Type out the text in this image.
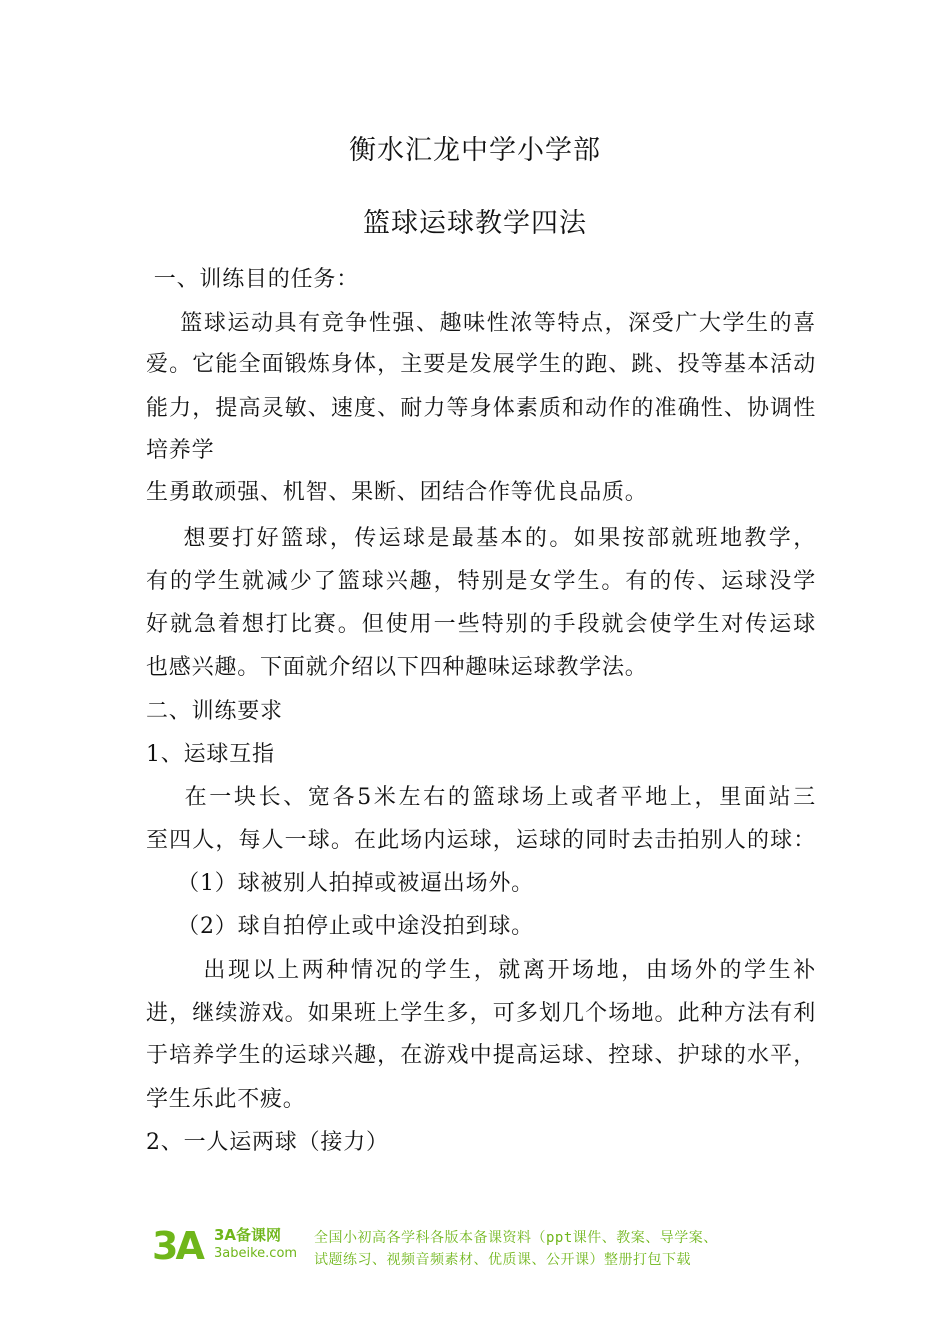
衡水汇龙中学小学部
篮球运球教学四法
一、训练目的任务：
篮球运动具有竞争性强、趣味性浓等特点，深受广大学生的喜
爱。它能全面锻炼身体，主要是发展学生的跑、跳、投等基本活动
能力，提高灵敏、速度、耐力等身体素质和动作的准确性、协调性
培养学
生勇敢顽强、机智、果断、团结合作等优良品质。
想要打好篮球，传运球是最基本的。如果按部就班地教学，
有的学生就减少了篮球兴趣，特别是女学生。有的传、运球没学
好就急着想打比赛。但使用一些特别的手段就会使学生对传运球
也感兴趣。下面就介绍以下四种趣味运球教学法。
二、训练要求
1、运球互指
在一块长、宽各5米左右的篮球场上或者平地上，里面站三
至四人，每人一球。在此场内运球，运球的同时去击拍别人的球：
（1）球被别人拍掉或被逼出场外。
（2）球自拍停止或中途没拍到球。
出现以上两种情况的学生，就离开场地，由场外的学生补
进，继续游戏。如果班上学生多，可多划几个场地。此种方法有利
于培养学生的运球兴趣，在游戏中提高运球、控球、护球的水平，
学生乐此不疲。
2、一人运两球（接力）
3A 3A备课网
3abeike.com
全国小初高各学科各版本备课资料（ppt课件、教案、导学案、
试题练习、视频音频素材、优质课、公开课）整册打包下载
